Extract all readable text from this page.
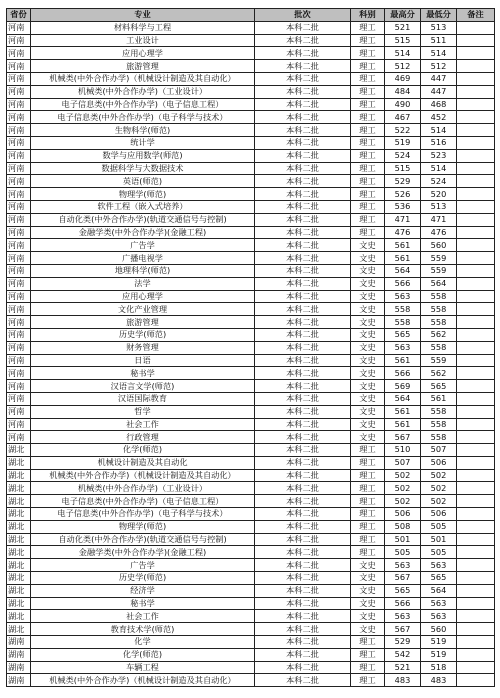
省份	专业	批次	科别	最高分	最低分	备注
河南	材料科学与工程	本科二批	理工	521	513	
河南	工业设计	本科二批	理工	515	511	
河南	应用心理学	本科二批	理工	514	514	
河南	旅游管理	本科二批	理工	512	512	
河南	机械类(中外合作办学)（机械设计制造及其自动化）	本科二批	理工	469	447	
河南	机械类(中外合作办学)（工业设计）	本科二批	理工	484	447	
河南	电子信息类(中外合作办学)（电子信息工程）	本科二批	理工	490	468	
河南	电子信息类(中外合作办学)（电子科学与技术）	本科二批	理工	467	452	
河南	生物科学(师范)	本科二批	理工	522	514	
河南	统计学	本科二批	理工	519	516	
河南	数学与应用数学(师范)	本科二批	理工	524	523	
河南	数据科学与大数据技术	本科二批	理工	515	514	
河南	英语(师范)	本科二批	理工	529	524	
河南	物理学(师范)	本科二批	理工	526	520	
河南	软件工程（嵌入式培养）	本科二批	理工	536	513	
河南	自动化类(中外合作办学)(轨道交通信号与控制)	本科二批	理工	471	471	
河南	金融学类(中外合作办学)(金融工程)	本科二批	理工	476	476	
河南	广告学	本科二批	文史	561	560	
河南	广播电视学	本科二批	文史	561	559	
河南	地理科学(师范)	本科二批	文史	564	559	
河南	法学	本科二批	文史	566	564	
河南	应用心理学	本科二批	文史	563	558	
河南	文化产业管理	本科二批	文史	558	558	
河南	旅游管理	本科二批	文史	558	558	
河南	历史学(师范)	本科二批	文史	565	562	
河南	财务管理	本科二批	文史	563	558	
河南	日语	本科二批	文史	561	559	
河南	秘书学	本科二批	文史	566	562	
河南	汉语言文学(师范)	本科二批	文史	569	565	
河南	汉语国际教育	本科二批	文史	564	561	
河南	哲学	本科二批	文史	561	558	
河南	社会工作	本科二批	文史	561	558	
河南	行政管理	本科二批	文史	567	558	
湖北	化学(师范)	本科二批	理工	510	507	
湖北	机械设计制造及其自动化	本科二批	理工	507	506	
湖北	机械类(中外合作办学)（机械设计制造及其自动化）	本科二批	理工	502	502	
湖北	机械类(中外合作办学)（工业设计）	本科二批	理工	502	502	
湖北	电子信息类(中外合作办学)（电子信息工程）	本科二批	理工	502	502	
湖北	电子信息类(中外合作办学)（电子科学与技术）	本科二批	理工	506	506	
湖北	物理学(师范)	本科二批	理工	508	505	
湖北	自动化类(中外合作办学)(轨道交通信号与控制)	本科二批	理工	501	501	
湖北	金融学类(中外合作办学)(金融工程)	本科二批	理工	505	505	
湖北	广告学	本科二批	文史	563	563	
湖北	历史学(师范)	本科二批	文史	567	565	
湖北	经济学	本科二批	文史	565	564	
湖北	秘书学	本科二批	文史	566	563	
湖北	社会工作	本科二批	文史	563	563	
湖北	教育技术学(师范)	本科二批	文史	567	560	
湖南	化学	本科二批	理工	529	519	
湖南	化学(师范)	本科二批	理工	542	519	
湖南	车辆工程	本科二批	理工	521	518	
湖南	机械类(中外合作办学)（机械设计制造及其自动化）	本科二批	理工	483	483	
